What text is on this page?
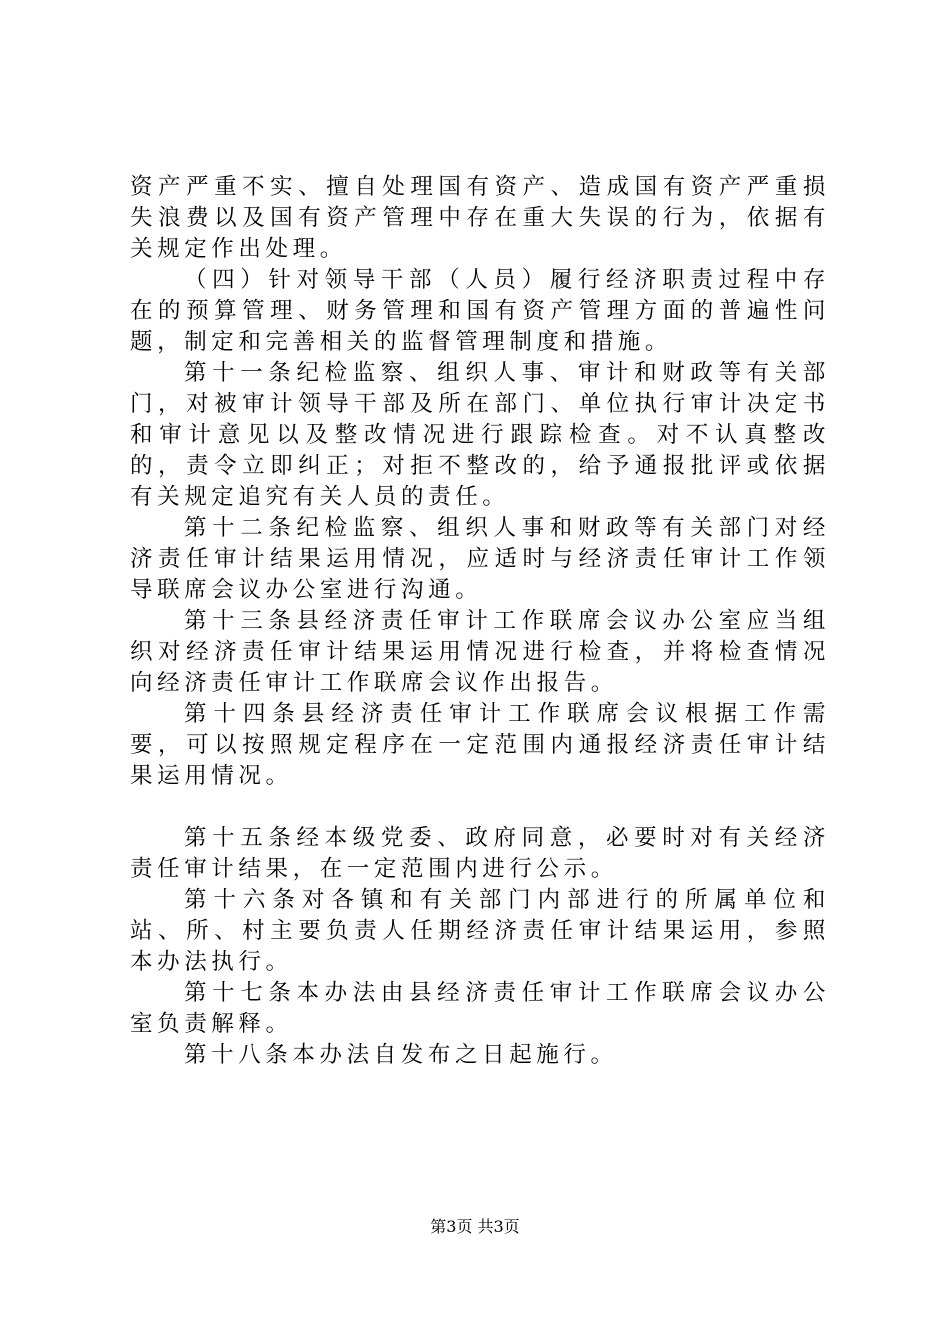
资产严重不实、擅自处理国有资产、造成国有资产严重损失浪费以及国有资产管理中存在重大失误的行为，依据有关规定作出处理。

（四）针对领导干部（人员）履行经济职责过程中存在的预算管理、财务管理和国有资产管理方面的普遍性问题，制定和完善相关的监督管理制度和措施。

第十一条纪检监察、组织人事、审计和财政等有关部门，对被审计领导干部及所在部门、单位执行审计决定书和审计意见以及整改情况进行跟踪检查。对不认真整改的，责令立即纠正；对拒不整改的，给予通报批评或依据有关规定追究有关人员的责任。

第十二条纪检监察、组织人事和财政等有关部门对经济责任审计结果运用情况，应适时与经济责任审计工作领导联席会议办公室进行沟通。

第十三条县经济责任审计工作联席会议办公室应当组织对经济责任审计结果运用情况进行检查，并将检查情况向经济责任审计工作联席会议作出报告。

第十四条县经济责任审计工作联席会议根据工作需要，可以按照规定程序在一定范围内通报经济责任审计结果运用情况。

第十五条经本级党委、政府同意，必要时对有关经济责任审计结果，在一定范围内进行公示。

第十六条对各镇和有关部门内部进行的所属单位和站、所、村主要负责人任期经济责任审计结果运用，参照本办法执行。

第十七条本办法由县经济责任审计工作联席会议办公室负责解释。

第十八条本办法自发布之日起施行。

第3页 共3页
